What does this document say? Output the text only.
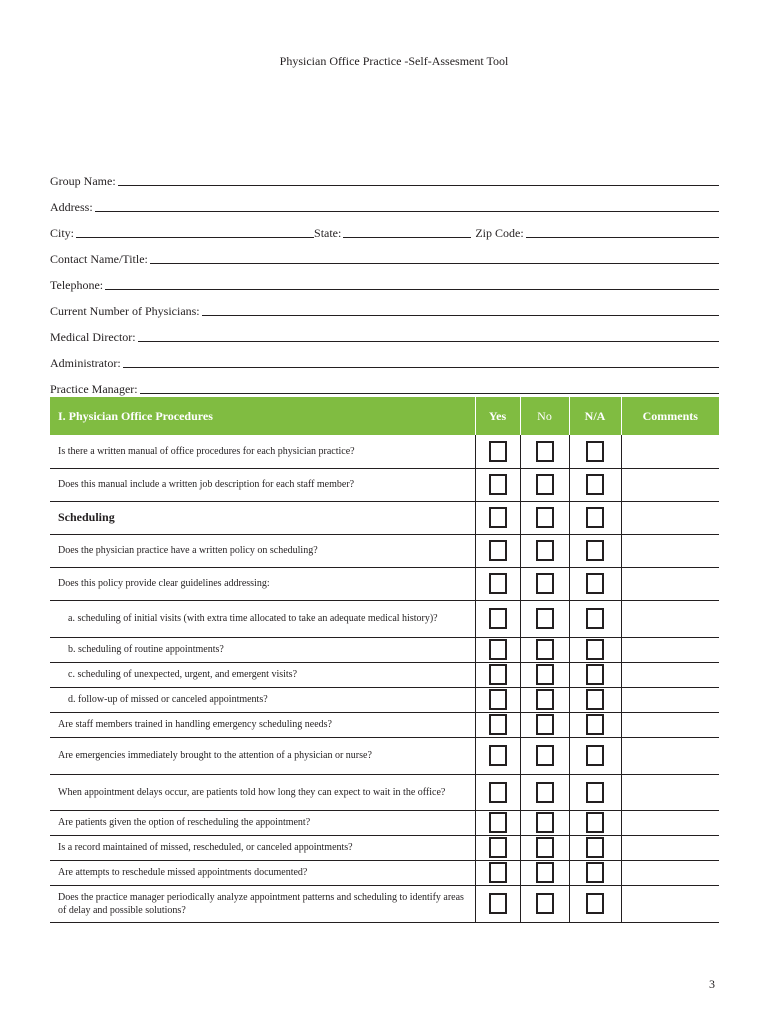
Physician Office Practice -Self-Assesment Tool
Group Name:
Address:
City:	State:	Zip Code:
Contact Name/Title:
Telephone:
Current Number of Physicians:
Medical Director:
Administrator:
Practice Manager:
I. Physician Office Procedures	Yes	No	N/A	Comments
Is there a written manual of office procedures for each physician practice?				
Does this manual include a written job description for each staff member?				
Scheduling				
Does the physician practice have a written policy on scheduling?				
Does this policy provide clear guidelines addressing:				

a. scheduling of initial visits (with extra time allocated to take an adequate medical history)?				

b. scheduling of routine appointments?				
c. scheduling of unexpected, urgent, and emergent visits?				
d. follow-up of missed or canceled appointments?				
Are staff members trained in handling emergency scheduling needs?				

Are emergencies immediately brought to the attention of a physician or nurse?				

When appointment delays occur, are patients told how long they can expect to wait in the office?				
Are patients given the option of rescheduling the appointment?				
Is a record maintained of missed, rescheduled, or canceled appointments?				
Are attempts to reschedule missed appointments documented?				
Does the practice manager periodically analyze appointment patterns and scheduling to identify areas of delay and possible solutions?				
3
